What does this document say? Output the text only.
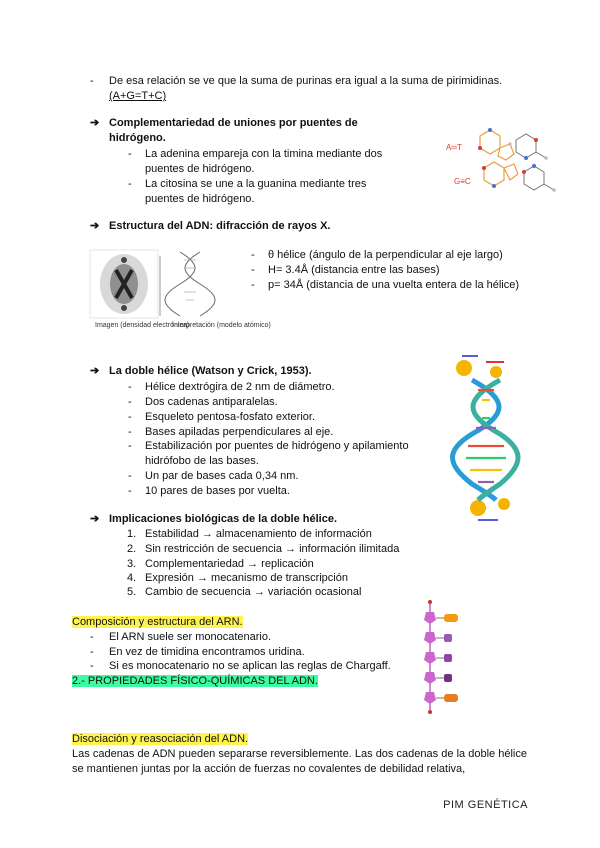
- De esa relación se ve que la suma de purinas era igual a la suma de pirimidinas.
(A+G=T+C)
➔ Complementariedad de uniones por puentes de hidrógeno.
- La adenina empareja con la timina mediante dos puentes de hidrógeno.
- La citosina se une a la guanina mediante tres puentes de hidrógeno.
A═T
G≡C
➔ Estructura del ADN: difracción de rayos X.
Imagen (densidad electrónica)
Interpretación (modelo atómico)
- θ hélice (ángulo de la perpendicular al eje largo)
- H= 3.4Å (distancia entre las bases)
- p= 34Å (distancia de una vuelta entera de la hélice)
➔ La doble hélice (Watson y Crick, 1953).
- Hélice dextrógira de 2 nm de diámetro.
- Dos cadenas antiparalelas.
- Esqueleto pentosa-fosfato exterior.
- Bases apiladas perpendiculares al eje.
- Estabilización por puentes de hidrógeno y apilamiento hidrófobo de las bases.
- Un par de bases cada 0,34 nm.
- 10 pares de bases por vuelta.
➔ Implicaciones biológicas de la doble hélice.
1. Estabilidad → almacenamiento de información
2. Sin restricción de secuencia → información ilimitada
3. Complementariedad → replicación
4. Expresión → mecanismo de transcripción
5. Cambio de secuencia → variación ocasional
Composición y estructura del ARN.
- El ARN suele ser monocatenario.
- En vez de timidina encontramos uridina.
- Si es monocatenario no se aplican las reglas de Chargaff.
2.- PROPIEDADES FÍSICO-QUÍMICAS DEL ADN.
Disociación y reasociación del ADN.
Las cadenas de ADN pueden separarse reversiblemente. Las dos cadenas de la doble hélice se mantienen juntas por la acción de fuerzas no covalentes de debilidad relativa,
PIM GENÉTICA
